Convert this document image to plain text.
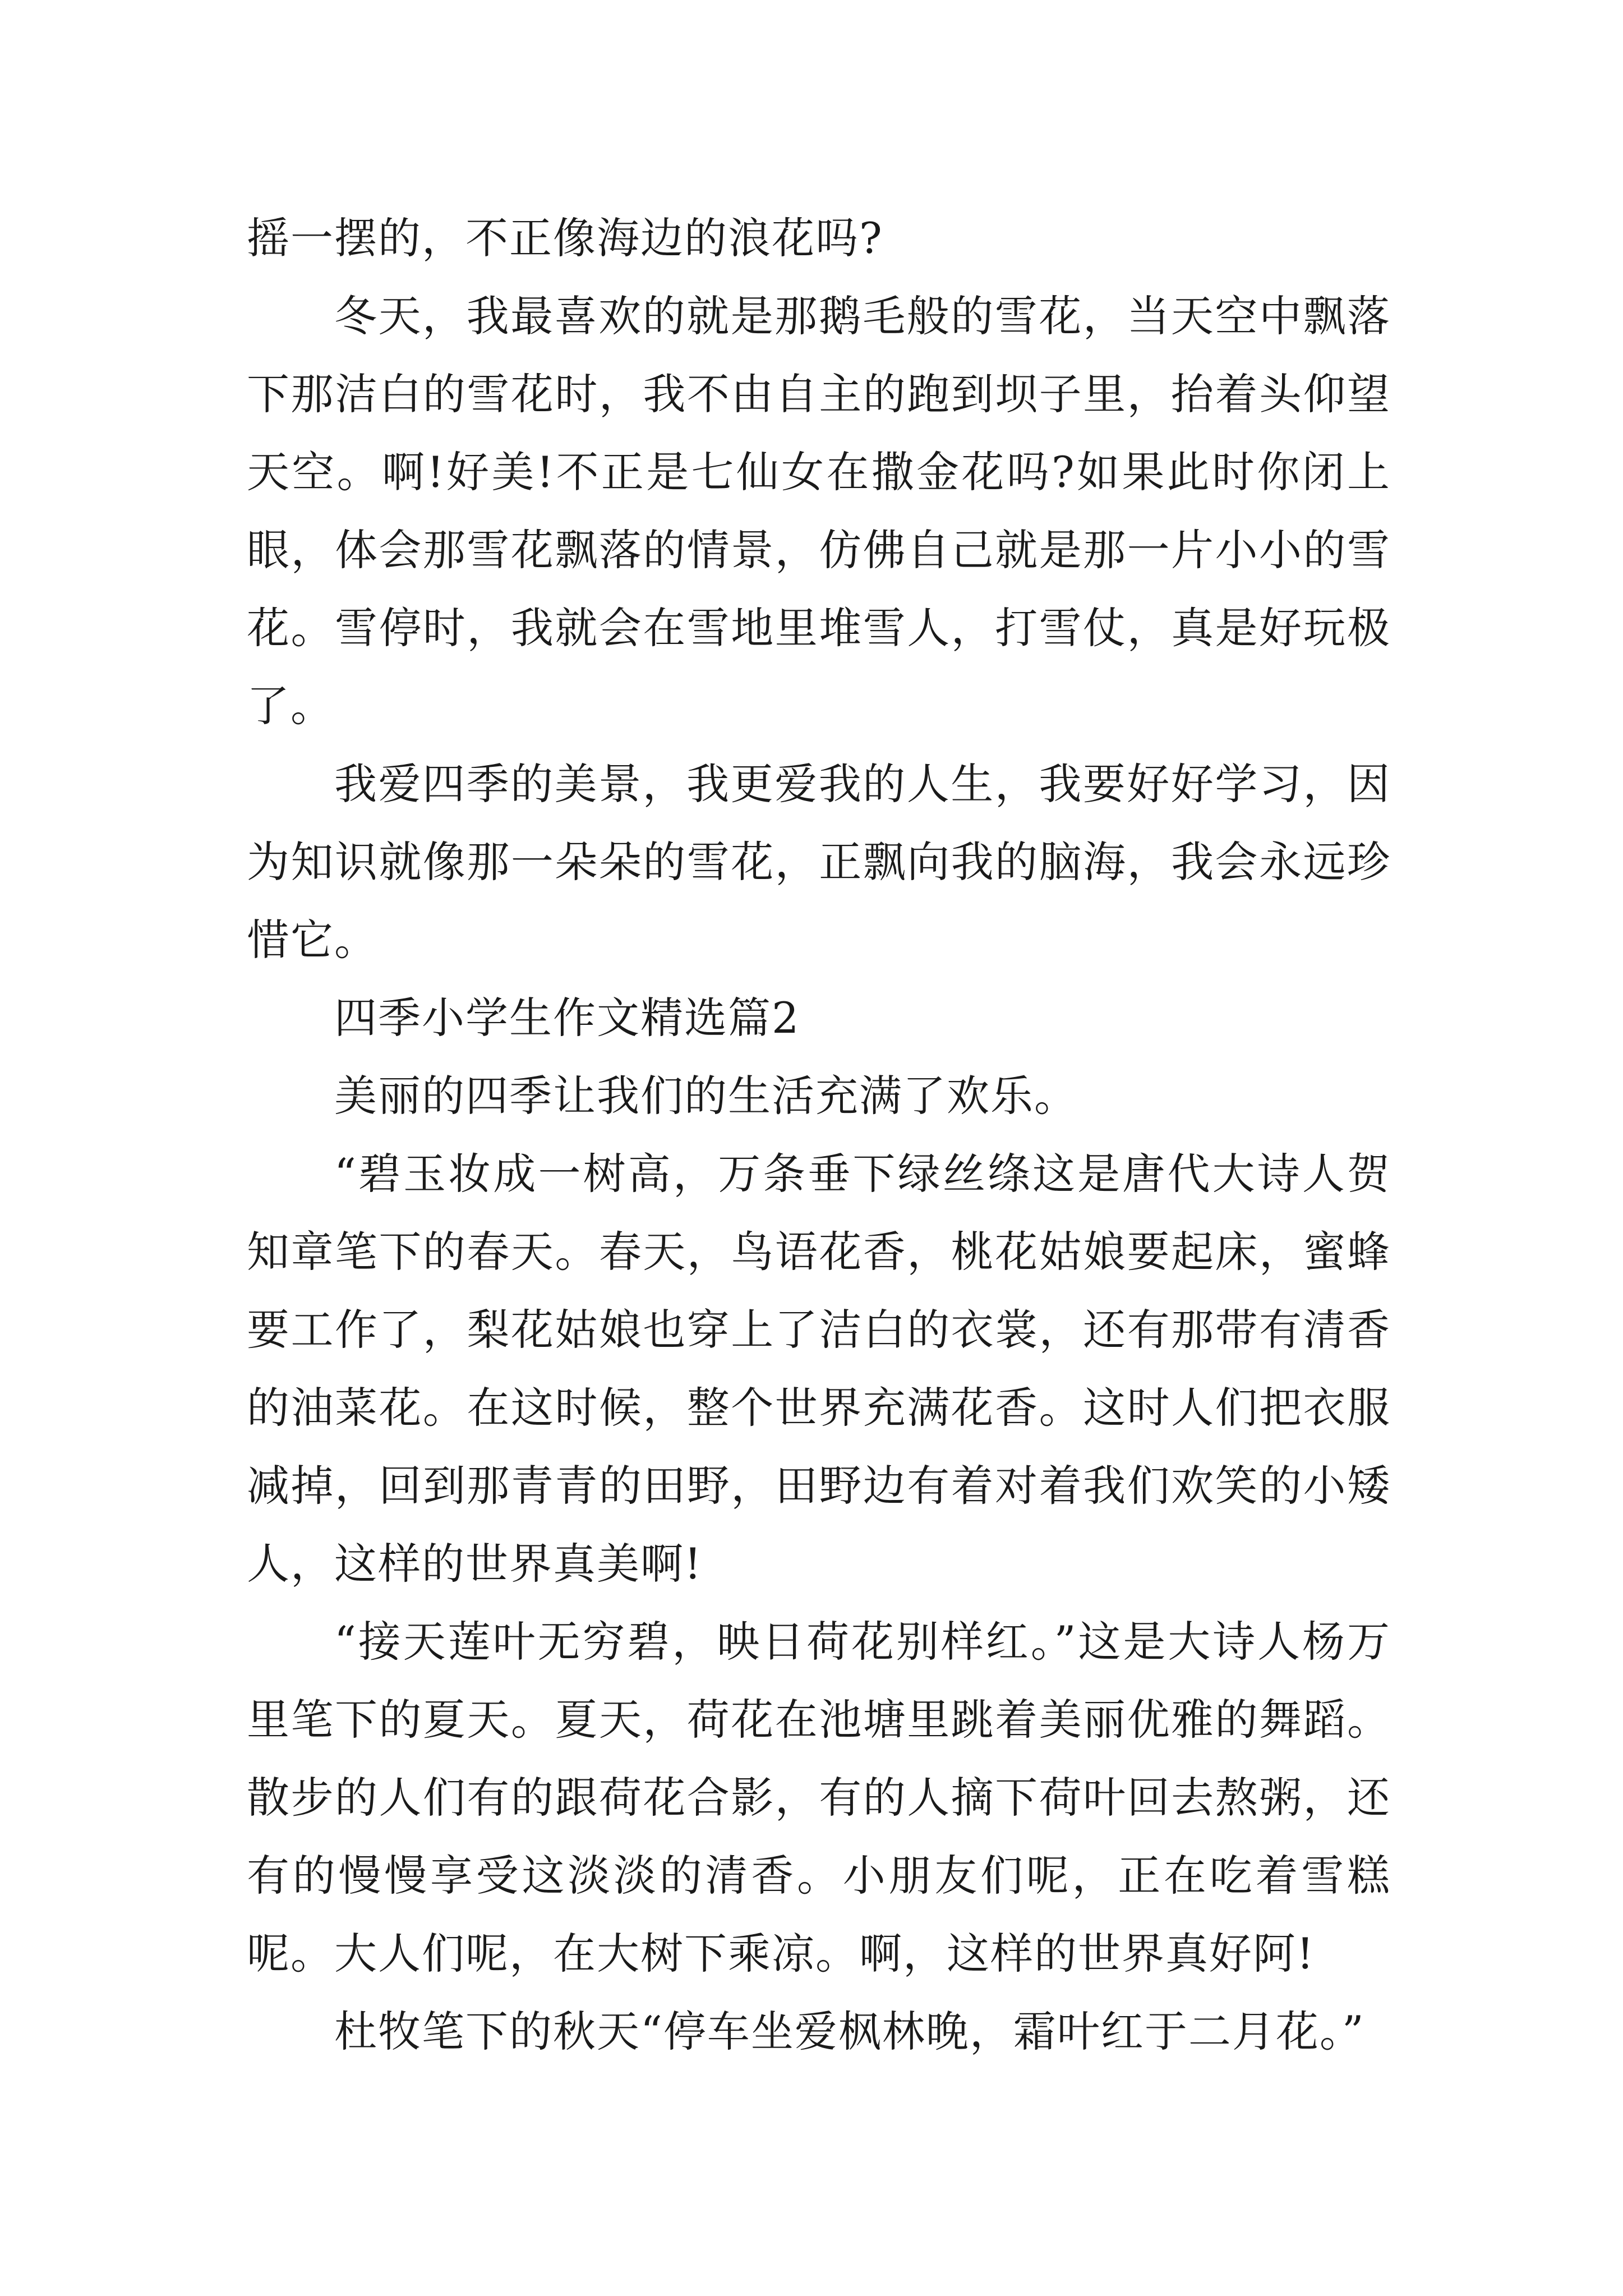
摇一摆的，不正像海边的浪花吗?

冬天，我最喜欢的就是那鹅毛般的雪花，当天空中飘落下那洁白的雪花时，我不由自主的跑到坝子里，抬着头仰望天空。啊!好美!不正是七仙女在撒金花吗?如果此时你闭上眼，体会那雪花飘落的情景，仿佛自己就是那一片小小的雪花。雪停时，我就会在雪地里堆雪人，打雪仗，真是好玩极了。

我爱四季的美景，我更爱我的人生，我要好好学习，因为知识就像那一朵朵的雪花，正飘向我的脑海，我会永远珍惜它。

四季小学生作文精选篇2

美丽的四季让我们的生活充满了欢乐。

“碧玉妆成一树高，万条垂下绿丝绦这是唐代大诗人贺知章笔下的春天。春天，鸟语花香，桃花姑娘要起床，蜜蜂要工作了，梨花姑娘也穿上了洁白的衣裳，还有那带有清香的油菜花。在这时候，整个世界充满花香。这时人们把衣服减掉，回到那青青的田野，田野边有着对着我们欢笑的小矮人，这样的世界真美啊!

“接天莲叶无穷碧，映日荷花别样红。”这是大诗人杨万里笔下的夏天。夏天，荷花在池塘里跳着美丽优雅的舞蹈。散步的人们有的跟荷花合影，有的人摘下荷叶回去熬粥，还有的慢慢享受这淡淡的清香。小朋友们呢，正在吃着雪糕呢。大人们呢，在大树下乘凉。啊，这样的世界真好阿!

杜牧笔下的秋天“停车坐爱枫林晚，霜叶红于二月花。”
